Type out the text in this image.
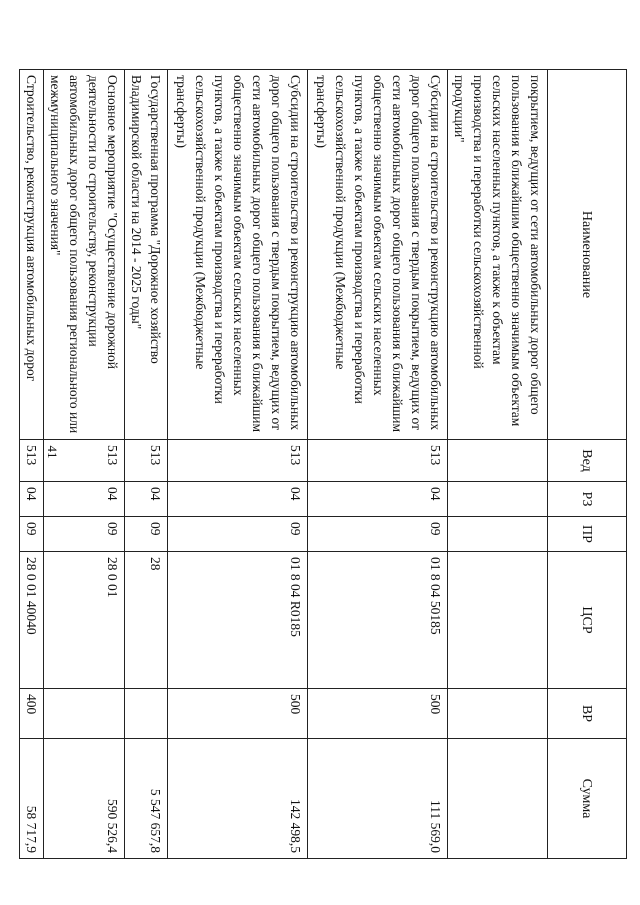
41
Наименование	Вед	РЗ	ПР	ЦСР	ВР	Сумма
покрытием, ведущих от сети автомобильных дорог общего пользования к ближайшим общественно значимым объектам сельских населенных пунктов, а также к объектам производства и переработки сельскохозяйственной продукции"						
Субсидии на строительство и реконструкцию автомобильных дорог общего пользования с твердым покрытием, ведущих от сети автомобильных дорог общего пользования к ближайшим общественно значимым объектам сельских населенных пунктов, а также к объектам производства и переработки сельскохозяйственной продукции (Межбюджетные трансферты)	513	04	09	01 8 04 50185	500	111 569,0
Субсидии на строительство и реконструкцию автомобильных дорог общего пользования с твердым покрытием, ведущих от сети автомобильных дорог общего пользования к ближайшим общественно значимым объектам сельских населенных пунктов, а также к объектам производства и переработки сельскохозяйственной продукции (Межбюджетные трансферты)	513	04	09	01 8 04 R0185	500	142 498,5
Государственная программа "Дорожное хозяйство Владимирской области на 2014 - 2025 годы"	513	04	09	28		5 547 657,8
Основное мероприятие "Осуществление дорожной деятельности по строительству, реконструкции автомобильных дорог общего пользования регионального или межмуниципального значения"	513	04	09	28 0 01		590 526,4
Строительство, реконструкция автомобильных дорог	513	04	09	28 0 01 40040	400	58 717,9
